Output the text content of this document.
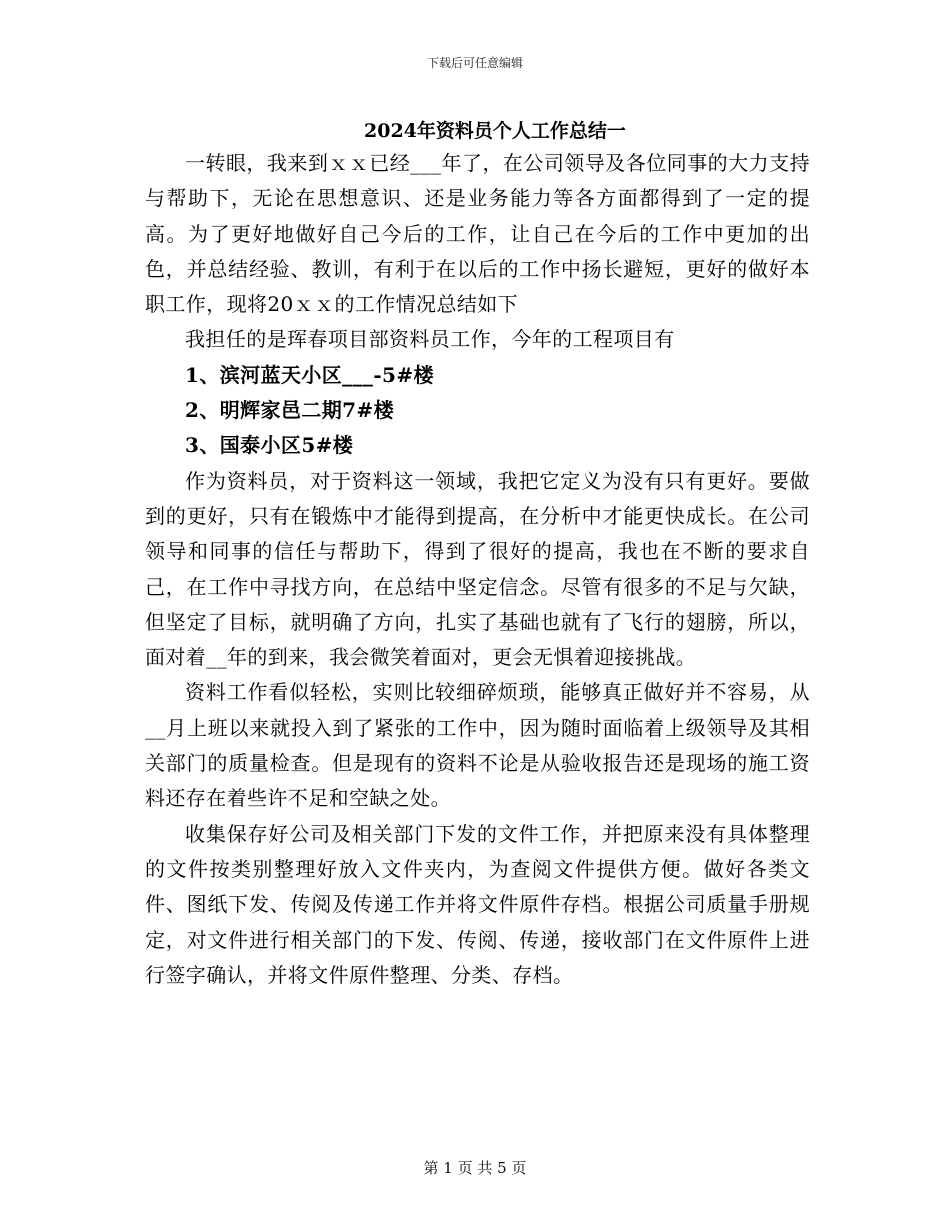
下载后可任意编辑
2024年资料员个人工作总结一

一转眼，我来到ｘｘ已经___年了，在公司领导及各位同事的大力支持与帮助下，无论在思想意识、还是业务能力等各方面都得到了一定的提高。为了更好地做好自己今后的工作，让自己在今后的工作中更加的出色，并总结经验、教训，有利于在以后的工作中扬长避短，更好的做好本职工作，现将20ｘｘ的工作情况总结如下

我担任的是珲春项目部资料员工作，今年的工程项目有

1、滨河蓝天小区___-5#楼

2、明辉家邑二期7#楼

3、国泰小区5#楼

作为资料员，对于资料这一领域，我把它定义为没有只有更好。要做到的更好，只有在锻炼中才能得到提高，在分析中才能更快成长。在公司领导和同事的信任与帮助下，得到了很好的提高，我也在不断的要求自己，在工作中寻找方向，在总结中坚定信念。尽管有很多的不足与欠缺，但坚定了目标，就明确了方向，扎实了基础也就有了飞行的翅膀，所以，面对着__年的到来，我会微笑着面对，更会无惧着迎接挑战。

资料工作看似轻松，实则比较细碎烦琐，能够真正做好并不容易，从__月上班以来就投入到了紧张的工作中，因为随时面临着上级领导及其相关部门的质量检查。但是现有的资料不论是从验收报告还是现场的施工资料还存在着些许不足和空缺之处。

收集保存好公司及相关部门下发的文件工作，并把原来没有具体整理的文件按类别整理好放入文件夹内，为查阅文件提供方便。做好各类文件、图纸下发、传阅及传递工作并将文件原件存档。根据公司质量手册规定，对文件进行相关部门的下发、传阅、传递，接收部门在文件原件上进行签字确认，并将文件原件整理、分类、存档。

第 1 页 共 5 页
